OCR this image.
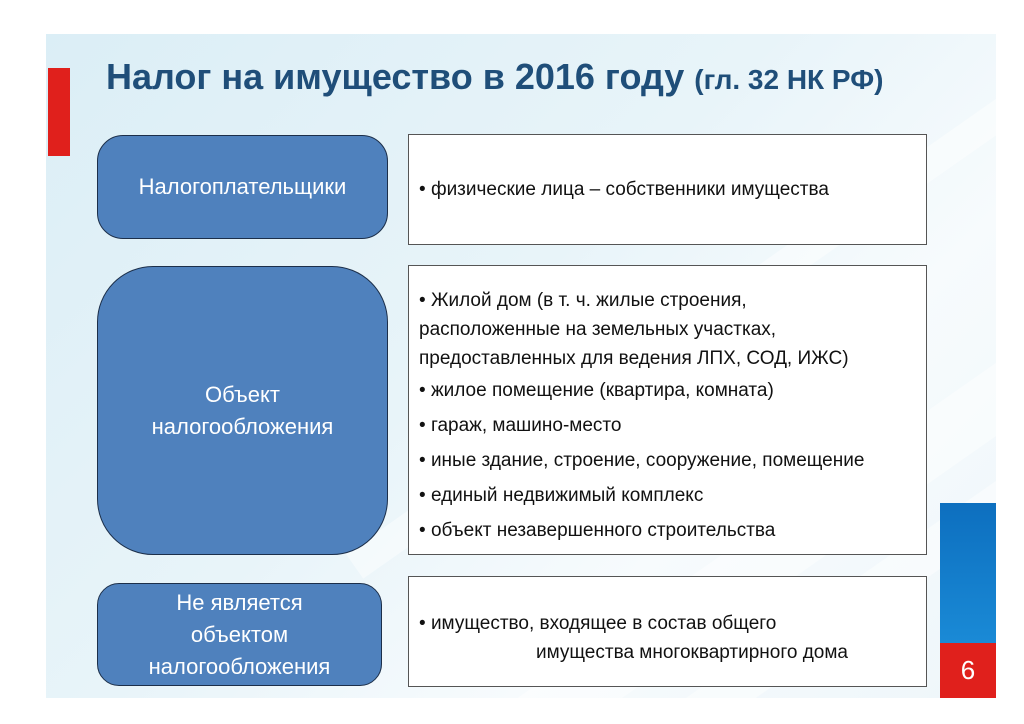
Налог на имущество в 2016 году (гл. 32 НК РФ)
Налогоплательщики
•	физические лица – собственники имущества
Объект
налогообложения
• Жилой дом (в т. ч. жилые строения,
расположенные на земельных участках,
предоставленных для ведения ЛПХ, СОД, ИЖС)
• жилое помещение (квартира, комната)
• гараж, машино-место
• иные здание, строение, сооружение, помещение
• единый недвижимый комплекс
• объект незавершенного строительства
Не является
объектом
налогообложения
• имущество, входящее в состав общего
имущества многоквартирного дома
6
